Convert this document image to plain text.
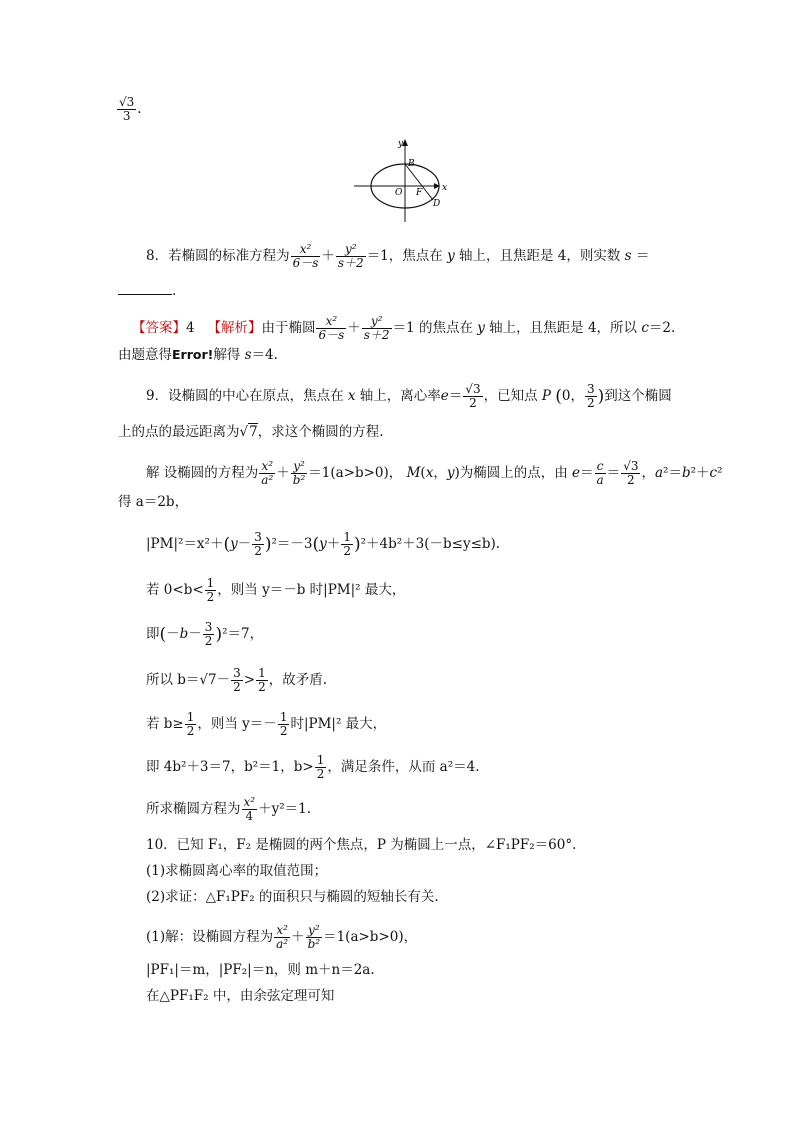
$\frac{√3}{3}$ .
y
x
O
B
F
D
8．若椭圆的标准方程为 $\frac{\text{x²}}{6-s} + \frac{\text{y²}}{s+2} =1$，焦点在 y 轴上，且焦距是 4，则实数 s ＝
.
【答案】4 【解析】由于椭圆 $\frac{\text{x²}}{6-s} + \frac{\text{y²}}{s+2} =1$ 的焦点在 y 轴上，且焦距是 4，所以 c＝2.
由题意得Error!解得 s＝4.
9．设椭圆的中心在原点，焦点在 x 轴上，离心率$e= \frac{√3}{2}$ ，已知点 P (0， $\frac{3}{2}$ )到这个椭圆
上的点的最远距离为√7，求这个椭圆的方程.
解 设椭圆的方程为 $\frac{\text{x²}}{\text{a²}} + \frac{\text{y²}}{\text{b²}} =1(a>b>0)$， M(x，y)为椭圆上的点，由 $e= \frac{c}{a} = \frac{√3}{2}$ ，a²＝b²＋c²
得 a＝2b，
$|PM|^2=x^2+(y- \frac{3}{2} )^2=-3(y+ \frac{1}{2} )^2+4b^2+3(-b\le y\le b)$.
若 $0<b< \frac{1}{2}$ ，则当 y＝－b 时|PM|² 最大，
即$(-b- \frac{3}{2} )^2=7$，
所以 $b=√7- \frac{3}{2} > \frac{1}{2}$ ，故矛盾.
若 $b\ge \frac{1}{2}$ ，则当 $y=- \frac{1}{2}$ 时|PM|² 最大，
即 4b²＋3＝7，b²＝1，$b> \frac{1}{2}$ ，满足条件，从而 a²＝4.
所求椭圆方程为 $\frac{\text{x²}}{4} +y^2=1$.
10．已知 F₁，F₂ 是椭圆的两个焦点，P 为椭圆上一点，∠F₁PF₂＝60°.
(1)求椭圆离心率的取值范围；
(2)求证：△F₁PF₂ 的面积只与椭圆的短轴长有关.
(1)解：设椭圆方程为 $\frac{\text{x²}}{\text{a²}} + \frac{\text{y²}}{\text{b²}} =1(a>b>0)$，
|PF₁|＝m，|PF₂|＝n，则 m＋n＝2a.
在△PF₁F₂ 中，由余弦定理可知
